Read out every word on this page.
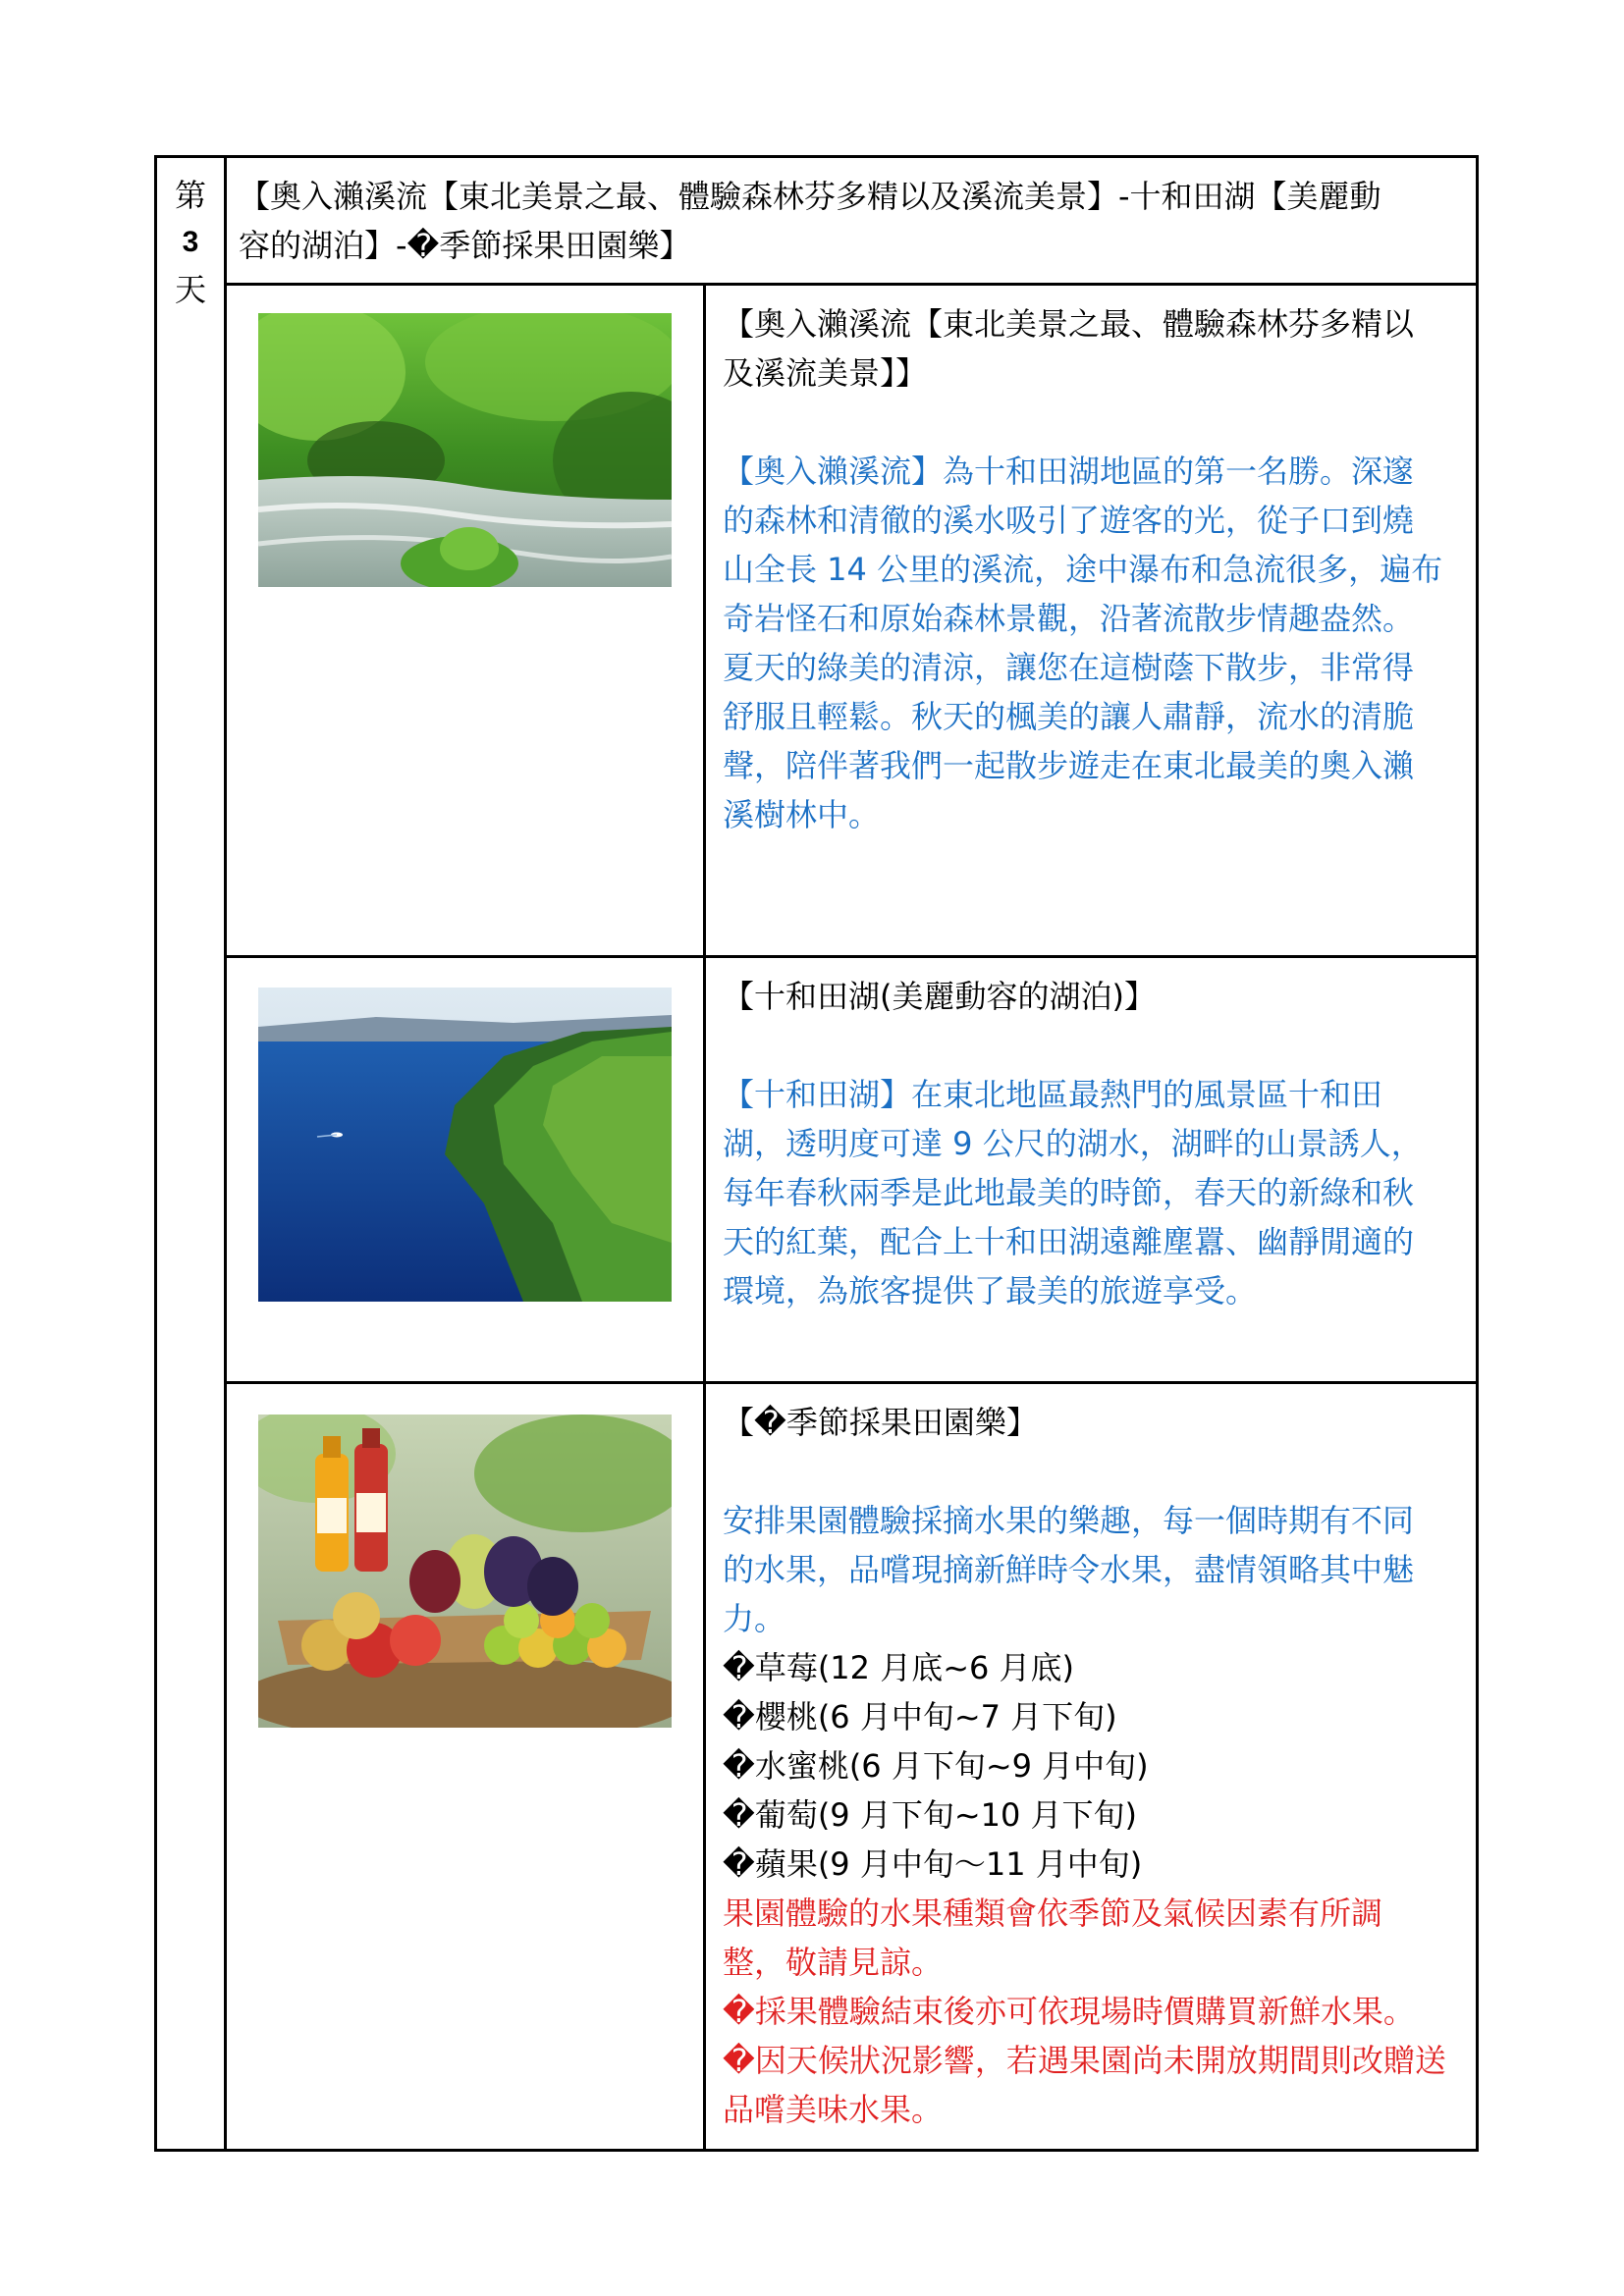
第
3
天
【奧入瀨溪流【東北美景之最、體驗森林芬多精以及溪流美景】-十和田湖【美麗動
容的湖泊】-�季節採果田園樂】

【奧入瀨溪流【東北美景之最、體驗森林芬多精以

及溪流美景】】

【奧入瀨溪流】為十和田湖地區的第一名勝。深邃

的森林和清徹的溪水吸引了遊客的光，從子口到燒

山全長 14 公里的溪流，途中瀑布和急流很多，遍布

奇岩怪石和原始森林景觀，沿著流散步情趣盎然。

夏天的綠美的清涼，讓您在這樹蔭下散步，非常得

舒服且輕鬆。秋天的楓美的讓人肅靜，流水的清脆

聲，陪伴著我們一起散步遊走在東北最美的奧入瀨

溪樹林中。

【十和田湖(美麗動容的湖泊)】

【十和田湖】在東北地區最熱門的風景區十和田

湖，透明度可達 9 公尺的湖水，湖畔的山景誘人，

每年春秋兩季是此地最美的時節，春天的新綠和秋

天的紅葉，配合上十和田湖遠離塵囂、幽靜閒適的

環境，為旅客提供了最美的旅遊享受。

【�季節採果田園樂】

安排果園體驗採摘水果的樂趣，每一個時期有不同

的水果，品嚐現摘新鮮時令水果，盡情領略其中魅

力。

�草莓(12 月底~6 月底)

�櫻桃(6 月中旬~7 月下旬)

�水蜜桃(6 月下旬~9 月中旬)

�葡萄(9 月下旬~10 月下旬)

�蘋果(9 月中旬～11 月中旬)

果園體驗的水果種類會依季節及氣候因素有所調

整，敬請見諒。

�採果體驗結束後亦可依現場時價購買新鮮水果。

�因天候狀況影響，若遇果園尚未開放期間則改贈送

品嚐美味水果。
